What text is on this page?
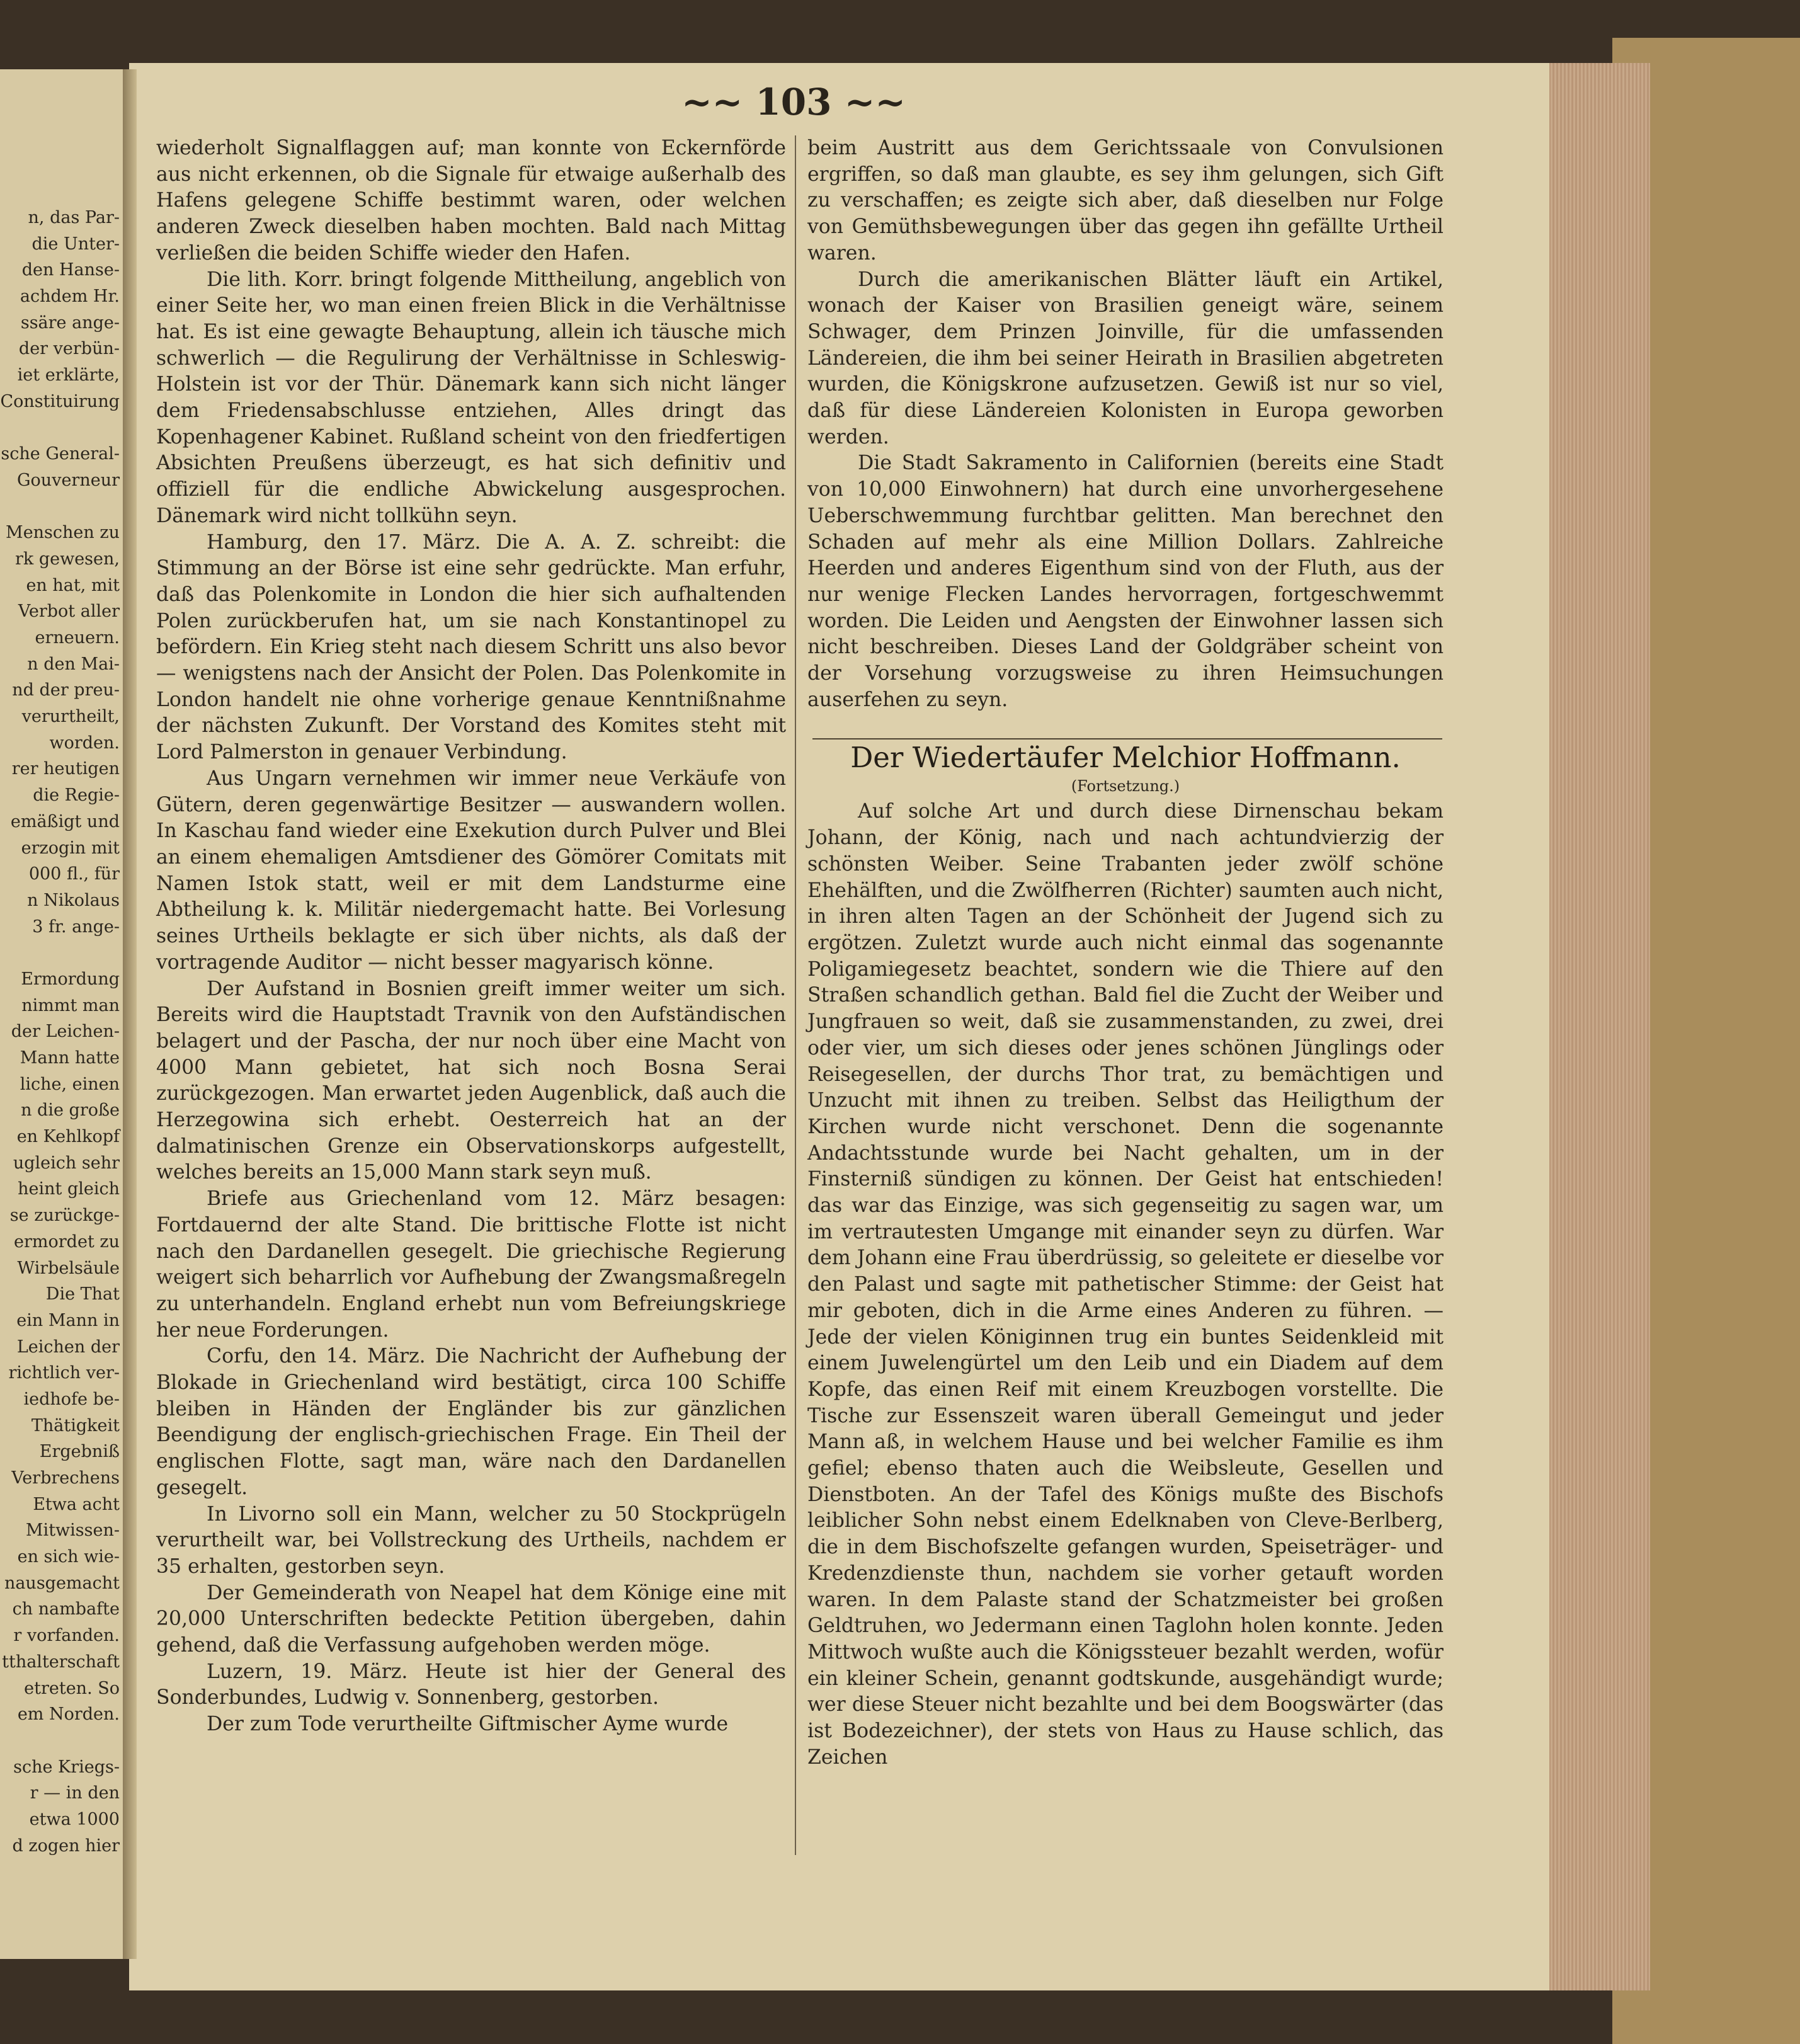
n, das Par-
die Unter-
den Hanse-
achdem Hr.
ssäre ange-
der verbün-
iet erklärte,
Constituirung
sche General-
Gouverneur
Menschen zu
rk gewesen,
en hat, mit
Verbot aller
erneuern.
n den Mai-
nd der preu-
verurtheilt,
worden.
rer heutigen
die Regie-
emäßigt und
erzogin mit
000 fl., für
n Nikolaus
3 fr. ange-
Ermordung
nimmt man
der Leichen-
Mann hatte
liche, einen
n die große
en Kehlkopf
ugleich sehr
heint gleich
se zurückge-
ermordet zu
Wirbelsäule
Die That
ein Mann in
Leichen der
richtlich ver-
iedhofe be-
Thätigkeit
Ergebniß
Verbrechens
Etwa acht
Mitwissen-
en sich wie-
nausgemacht
ch nambafte
r vorfanden.
tthalterschaft
etreten. So
em Norden.
sche Kriegs-
r — in den
etwa 1000
d zogen hier
~~ 103 ~~

wiederholt Signalflaggen auf; man konnte von Eckernförde aus nicht erkennen, ob die Signale für etwaige außerhalb des Hafens gelegene Schiffe bestimmt waren, oder welchen anderen Zweck dieselben haben mochten. Bald nach Mittag verließen die beiden Schiffe wieder den Hafen.

Die lith. Korr. bringt folgende Mittheilung, angeblich von einer Seite her, wo man einen freien Blick in die Verhältnisse hat. Es ist eine gewagte Behauptung, allein ich täusche mich schwerlich — die Regulirung der Verhältnisse in Schleswig-Holstein ist vor der Thür. Dänemark kann sich nicht länger dem Friedensabschlusse entziehen, Alles dringt das Kopenhagener Kabinet. Rußland scheint von den friedfertigen Absichten Preußens überzeugt, es hat sich definitiv und offiziell für die endliche Abwickelung ausgesprochen. Dänemark wird nicht tollkühn seyn.

Hamburg, den 17. März. Die A. A. Z. schreibt: die Stimmung an der Börse ist eine sehr gedrückte. Man erfuhr, daß das Polenkomite in London die hier sich aufhaltenden Polen zurückberufen hat, um sie nach Konstantinopel zu befördern. Ein Krieg steht nach diesem Schritt uns also bevor — wenigstens nach der Ansicht der Polen. Das Polenkomite in London handelt nie ohne vorherige genaue Kenntnißnahme der nächsten Zukunft. Der Vorstand des Komites steht mit Lord Palmerston in genauer Verbindung.

Aus Ungarn vernehmen wir immer neue Verkäufe von Gütern, deren gegenwärtige Besitzer — auswandern wollen. In Kaschau fand wieder eine Exekution durch Pulver und Blei an einem ehemaligen Amtsdiener des Gömörer Comitats mit Namen Istok statt, weil er mit dem Landsturme eine Abtheilung k. k. Militär niedergemacht hatte. Bei Vorlesung seines Urtheils beklagte er sich über nichts, als daß der vortragende Auditor — nicht besser magyarisch könne.

Der Aufstand in Bosnien greift immer weiter um sich. Bereits wird die Hauptstadt Travnik von den Aufständischen belagert und der Pascha, der nur noch über eine Macht von 4000 Mann gebietet, hat sich noch Bosna Serai zurückgezogen. Man erwartet jeden Augenblick, daß auch die Herzegowina sich erhebt. Oesterreich hat an der dalmatinischen Grenze ein Observationskorps aufgestellt, welches bereits an 15,000 Mann stark seyn muß.

Briefe aus Griechenland vom 12. März besagen: Fortdauernd der alte Stand. Die brittische Flotte ist nicht nach den Dardanellen gesegelt. Die griechische Regierung weigert sich beharrlich vor Aufhebung der Zwangsmaßregeln zu unterhandeln. England erhebt nun vom Befreiungskriege her neue Forderungen.

Corfu, den 14. März. Die Nachricht der Aufhebung der Blokade in Griechenland wird bestätigt, circa 100 Schiffe bleiben in Händen der Engländer bis zur gänzlichen Beendigung der englisch-griechischen Frage. Ein Theil der englischen Flotte, sagt man, wäre nach den Dardanellen gesegelt.

In Livorno soll ein Mann, welcher zu 50 Stockprügeln verurtheilt war, bei Vollstreckung des Urtheils, nachdem er 35 erhalten, gestorben seyn.

Der Gemeinderath von Neapel hat dem Könige eine mit 20,000 Unterschriften bedeckte Petition übergeben, dahin gehend, daß die Verfassung aufgehoben werden möge.

Luzern, 19. März. Heute ist hier der General des Sonderbundes, Ludwig v. Sonnenberg, gestorben.

Der zum Tode verurtheilte Giftmischer Ayme wurde

beim Austritt aus dem Gerichtssaale von Convulsionen ergriffen, so daß man glaubte, es sey ihm gelungen, sich Gift zu verschaffen; es zeigte sich aber, daß dieselben nur Folge von Gemüthsbewegungen über das gegen ihn gefällte Urtheil waren.

Durch die amerikanischen Blätter läuft ein Artikel, wonach der Kaiser von Brasilien geneigt wäre, seinem Schwager, dem Prinzen Joinville, für die umfassenden Ländereien, die ihm bei seiner Heirath in Brasilien abgetreten wurden, die Königskrone aufzusetzen. Gewiß ist nur so viel, daß für diese Ländereien Kolonisten in Europa geworben werden.

Die Stadt Sakramento in Californien (bereits eine Stadt von 10,000 Einwohnern) hat durch eine unvorhergesehene Ueberschwemmung furchtbar gelitten. Man berechnet den Schaden auf mehr als eine Million Dollars. Zahlreiche Heerden und anderes Eigenthum sind von der Fluth, aus der nur wenige Flecken Landes hervorragen, fortgeschwemmt worden. Die Leiden und Aengsten der Einwohner lassen sich nicht beschreiben. Dieses Land der Goldgräber scheint von der Vorsehung vorzugsweise zu ihren Heimsuchungen auserfehen zu seyn.

Der Wiedertäufer Melchior Hoffmann.
(Fortsetzung.)

Auf solche Art und durch diese Dirnenschau bekam Johann, der König, nach und nach achtundvierzig der schönsten Weiber. Seine Trabanten jeder zwölf schöne Ehehälften, und die Zwölfherren (Richter) saumten auch nicht, in ihren alten Tagen an der Schönheit der Jugend sich zu ergötzen. Zuletzt wurde auch nicht einmal das sogenannte Poligamiegesetz beachtet, sondern wie die Thiere auf den Straßen schandlich gethan. Bald fiel die Zucht der Weiber und Jungfrauen so weit, daß sie zusammenstanden, zu zwei, drei oder vier, um sich dieses oder jenes schönen Jünglings oder Reisegesellen, der durchs Thor trat, zu bemächtigen und Unzucht mit ihnen zu treiben. Selbst das Heiligthum der Kirchen wurde nicht verschonet. Denn die sogenannte Andachtsstunde wurde bei Nacht gehalten, um in der Finsterniß sündigen zu können. Der Geist hat entschieden! das war das Einzige, was sich gegenseitig zu sagen war, um im vertrautesten Umgange mit einander seyn zu dürfen. War dem Johann eine Frau überdrüssig, so geleitete er dieselbe vor den Palast und sagte mit pathetischer Stimme: der Geist hat mir geboten, dich in die Arme eines Anderen zu führen. — Jede der vielen Königinnen trug ein buntes Seidenkleid mit einem Juwelengürtel um den Leib und ein Diadem auf dem Kopfe, das einen Reif mit einem Kreuzbogen vorstellte. Die Tische zur Essenszeit waren überall Gemeingut und jeder Mann aß, in welchem Hause und bei welcher Familie es ihm gefiel; ebenso thaten auch die Weibsleute, Gesellen und Dienstboten. An der Tafel des Königs mußte des Bischofs leiblicher Sohn nebst einem Edelknaben von Cleve-Berlberg, die in dem Bischofszelte gefangen wurden, Speiseträger- und Kredenzdienste thun, nachdem sie vorher getauft worden waren. In dem Palaste stand der Schatzmeister bei großen Geldtruhen, wo Jedermann einen Taglohn holen konnte. Jeden Mittwoch wußte auch die Königssteuer bezahlt werden, wofür ein kleiner Schein, genannt godtskunde, ausgehändigt wurde; wer diese Steuer nicht bezahlte und bei dem Boogswärter (das ist Bodezeichner), der stets von Haus zu Hause schlich, das Zeichen
